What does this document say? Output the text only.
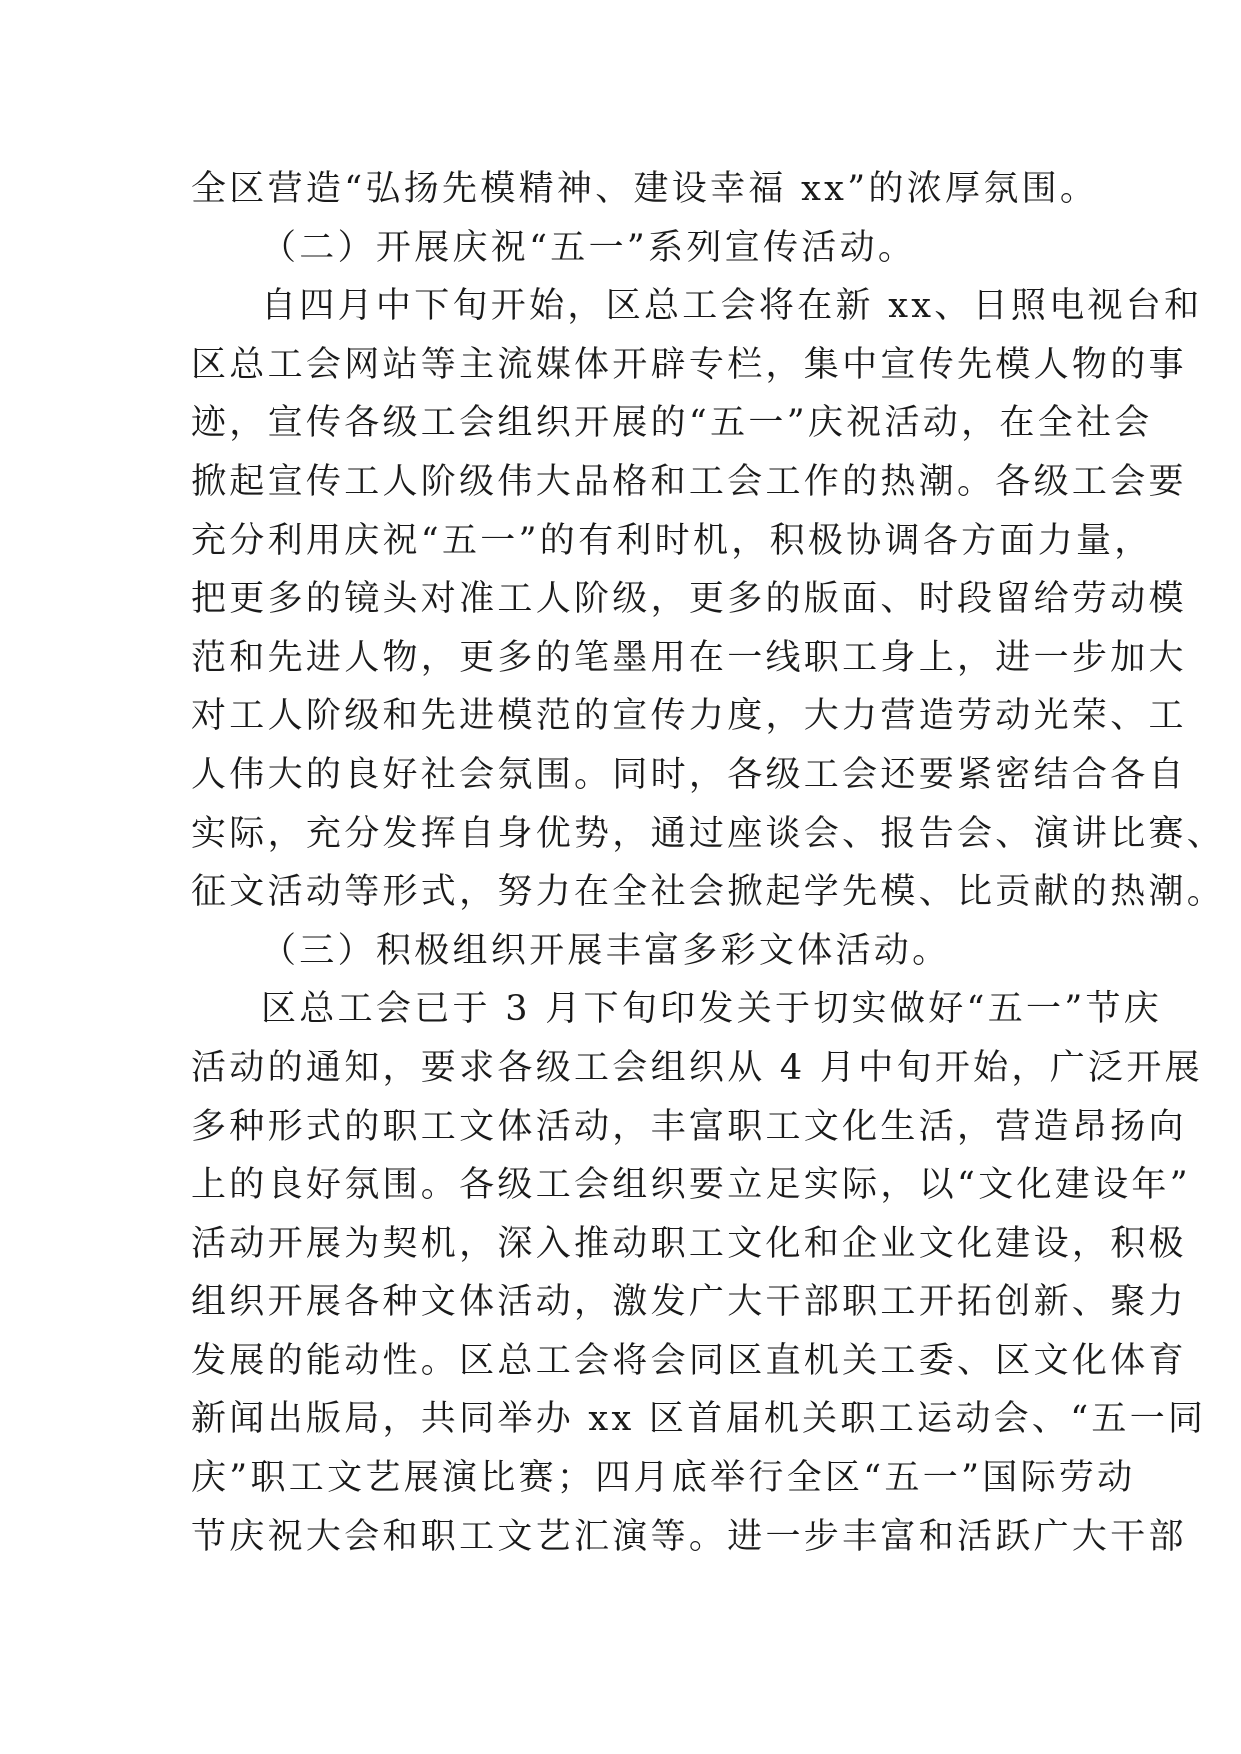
全区营造“弘扬先模精神、建设幸福 xx”的浓厚氛围。
（二）开展庆祝“五一”系列宣传活动。
自四月中下旬开始，区总工会将在新 xx、日照电视台和
区总工会网站等主流媒体开辟专栏，集中宣传先模人物的事
迹，宣传各级工会组织开展的“五一”庆祝活动，在全社会
掀起宣传工人阶级伟大品格和工会工作的热潮。各级工会要
充分利用庆祝“五一”的有利时机，积极协调各方面力量，
把更多的镜头对准工人阶级，更多的版面、时段留给劳动模
范和先进人物，更多的笔墨用在一线职工身上，进一步加大
对工人阶级和先进模范的宣传力度，大力营造劳动光荣、工
人伟大的良好社会氛围。同时，各级工会还要紧密结合各自
实际，充分发挥自身优势，通过座谈会、报告会、演讲比赛、
征文活动等形式，努力在全社会掀起学先模、比贡献的热潮。
（三）积极组织开展丰富多彩文体活动。
区总工会已于 3 月下旬印发关于切实做好“五一”节庆
活动的通知，要求各级工会组织从 4 月中旬开始，广泛开展
多种形式的职工文体活动，丰富职工文化生活，营造昂扬向
上的良好氛围。各级工会组织要立足实际，以“文化建设年”
活动开展为契机，深入推动职工文化和企业文化建设，积极
组织开展各种文体活动，激发广大干部职工开拓创新、聚力
发展的能动性。区总工会将会同区直机关工委、区文化体育
新闻出版局，共同举办 xx 区首届机关职工运动会、“五一同
庆”职工文艺展演比赛；四月底举行全区“五一”国际劳动
节庆祝大会和职工文艺汇演等。进一步丰富和活跃广大干部
